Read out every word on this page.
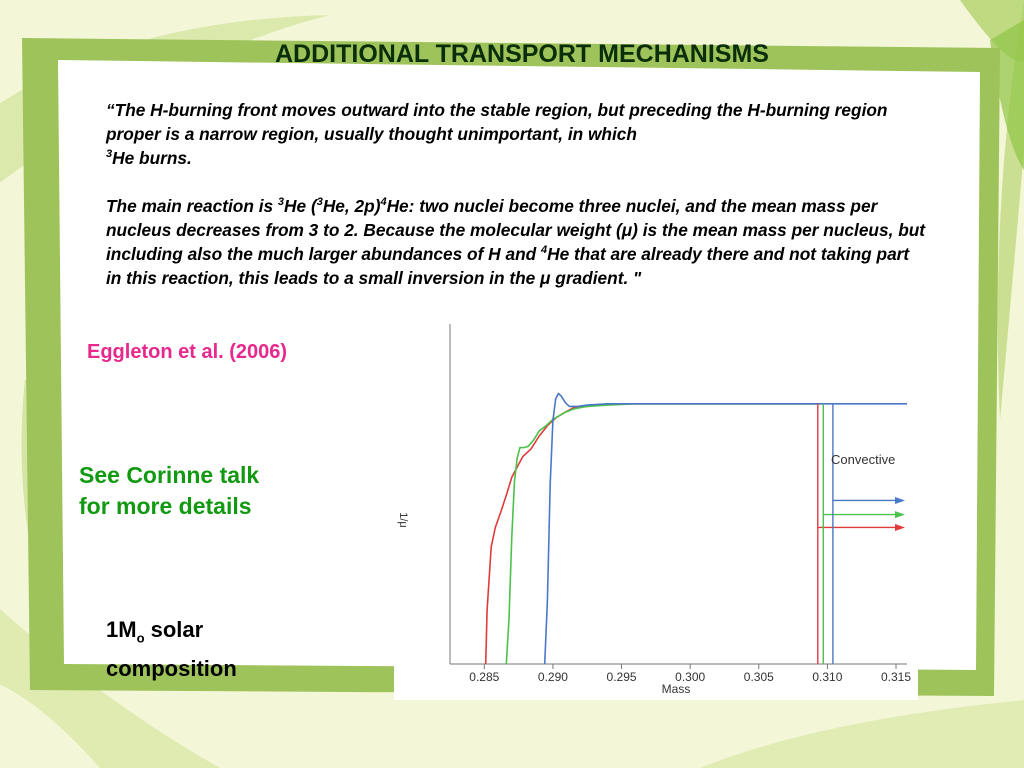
ADDITIONAL TRANSPORT MECHANISMS
“The H-burning front moves outward into the stable region, but preceding the H-burning region proper is a narrow region, usually thought unimportant, in which
$^3$He burns.
The main reaction is $^3$He ($^3$He, 2p)$^4$He: two nuclei become three nuclei, and the mean mass per nucleus decreases from 3 to 2. Because the molecular weight (μ) is the mean mass per nucleus, but including also the much larger abundances of H and $^4$He that are already there and not taking part in this reaction, this leads to a small inversion in the μ gradient. "
Eggleton et al. (2006)
See Corinne talk for more details
$1M_o$ solar composition	0.285	0.290	0.295	0.300	0.305	0.310	0.315
Convective
Mass
1/μ
